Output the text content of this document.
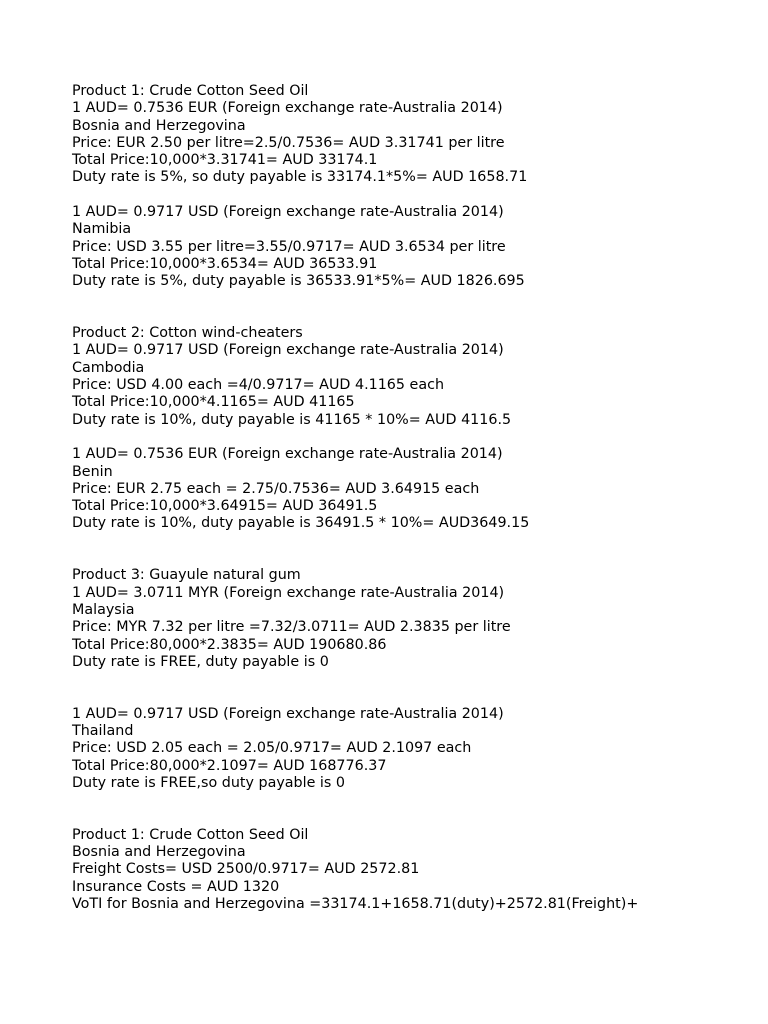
Product 1: Crude Cotton Seed Oil
1 AUD= 0.7536 EUR (Foreign exchange rate-Australia 2014)
Bosnia and Herzegovina
Price: EUR 2.50 per litre=2.5/0.7536= AUD 3.31741 per litre
Total Price:10,000*3.31741= AUD 33174.1
Duty rate is 5%, so duty payable is 33174.1*5%= AUD 1658.71
1 AUD= 0.9717 USD (Foreign exchange rate-Australia 2014)
Namibia
Price: USD 3.55 per litre=3.55/0.9717= AUD 3.6534 per litre
Total Price:10,000*3.6534= AUD 36533.91
Duty rate is 5%, duty payable is 36533.91*5%= AUD 1826.695
Product 2: Cotton wind-cheaters
1 AUD= 0.9717 USD (Foreign exchange rate-Australia 2014)
Cambodia
Price: USD 4.00 each =4/0.9717= AUD 4.1165 each
Total Price:10,000*4.1165= AUD 41165
Duty rate is 10%, duty payable is 41165 * 10%= AUD 4116.5
1 AUD= 0.7536 EUR (Foreign exchange rate-Australia 2014)
Benin
Price: EUR 2.75 each = 2.75/0.7536= AUD 3.64915 each
Total Price:10,000*3.64915= AUD 36491.5
Duty rate is 10%, duty payable is 36491.5 * 10%= AUD3649.15
Product 3: Guayule natural gum
1 AUD= 3.0711 MYR (Foreign exchange rate-Australia 2014)
Malaysia
Price: MYR 7.32 per litre =7.32/3.0711= AUD 2.3835 per litre
Total Price:80,000*2.3835= AUD 190680.86
Duty rate is FREE, duty payable is 0
1 AUD= 0.9717 USD (Foreign exchange rate-Australia 2014)
Thailand
Price: USD 2.05 each = 2.05/0.9717= AUD 2.1097 each
Total Price:80,000*2.1097= AUD 168776.37
Duty rate is FREE,so duty payable is 0
Product 1: Crude Cotton Seed Oil
Bosnia and Herzegovina
Freight Costs= USD 2500/0.9717= AUD 2572.81
Insurance Costs = AUD 1320
VoTI for Bosnia and Herzegovina =33174.1+1658.71(duty)+2572.81(Freight)+
